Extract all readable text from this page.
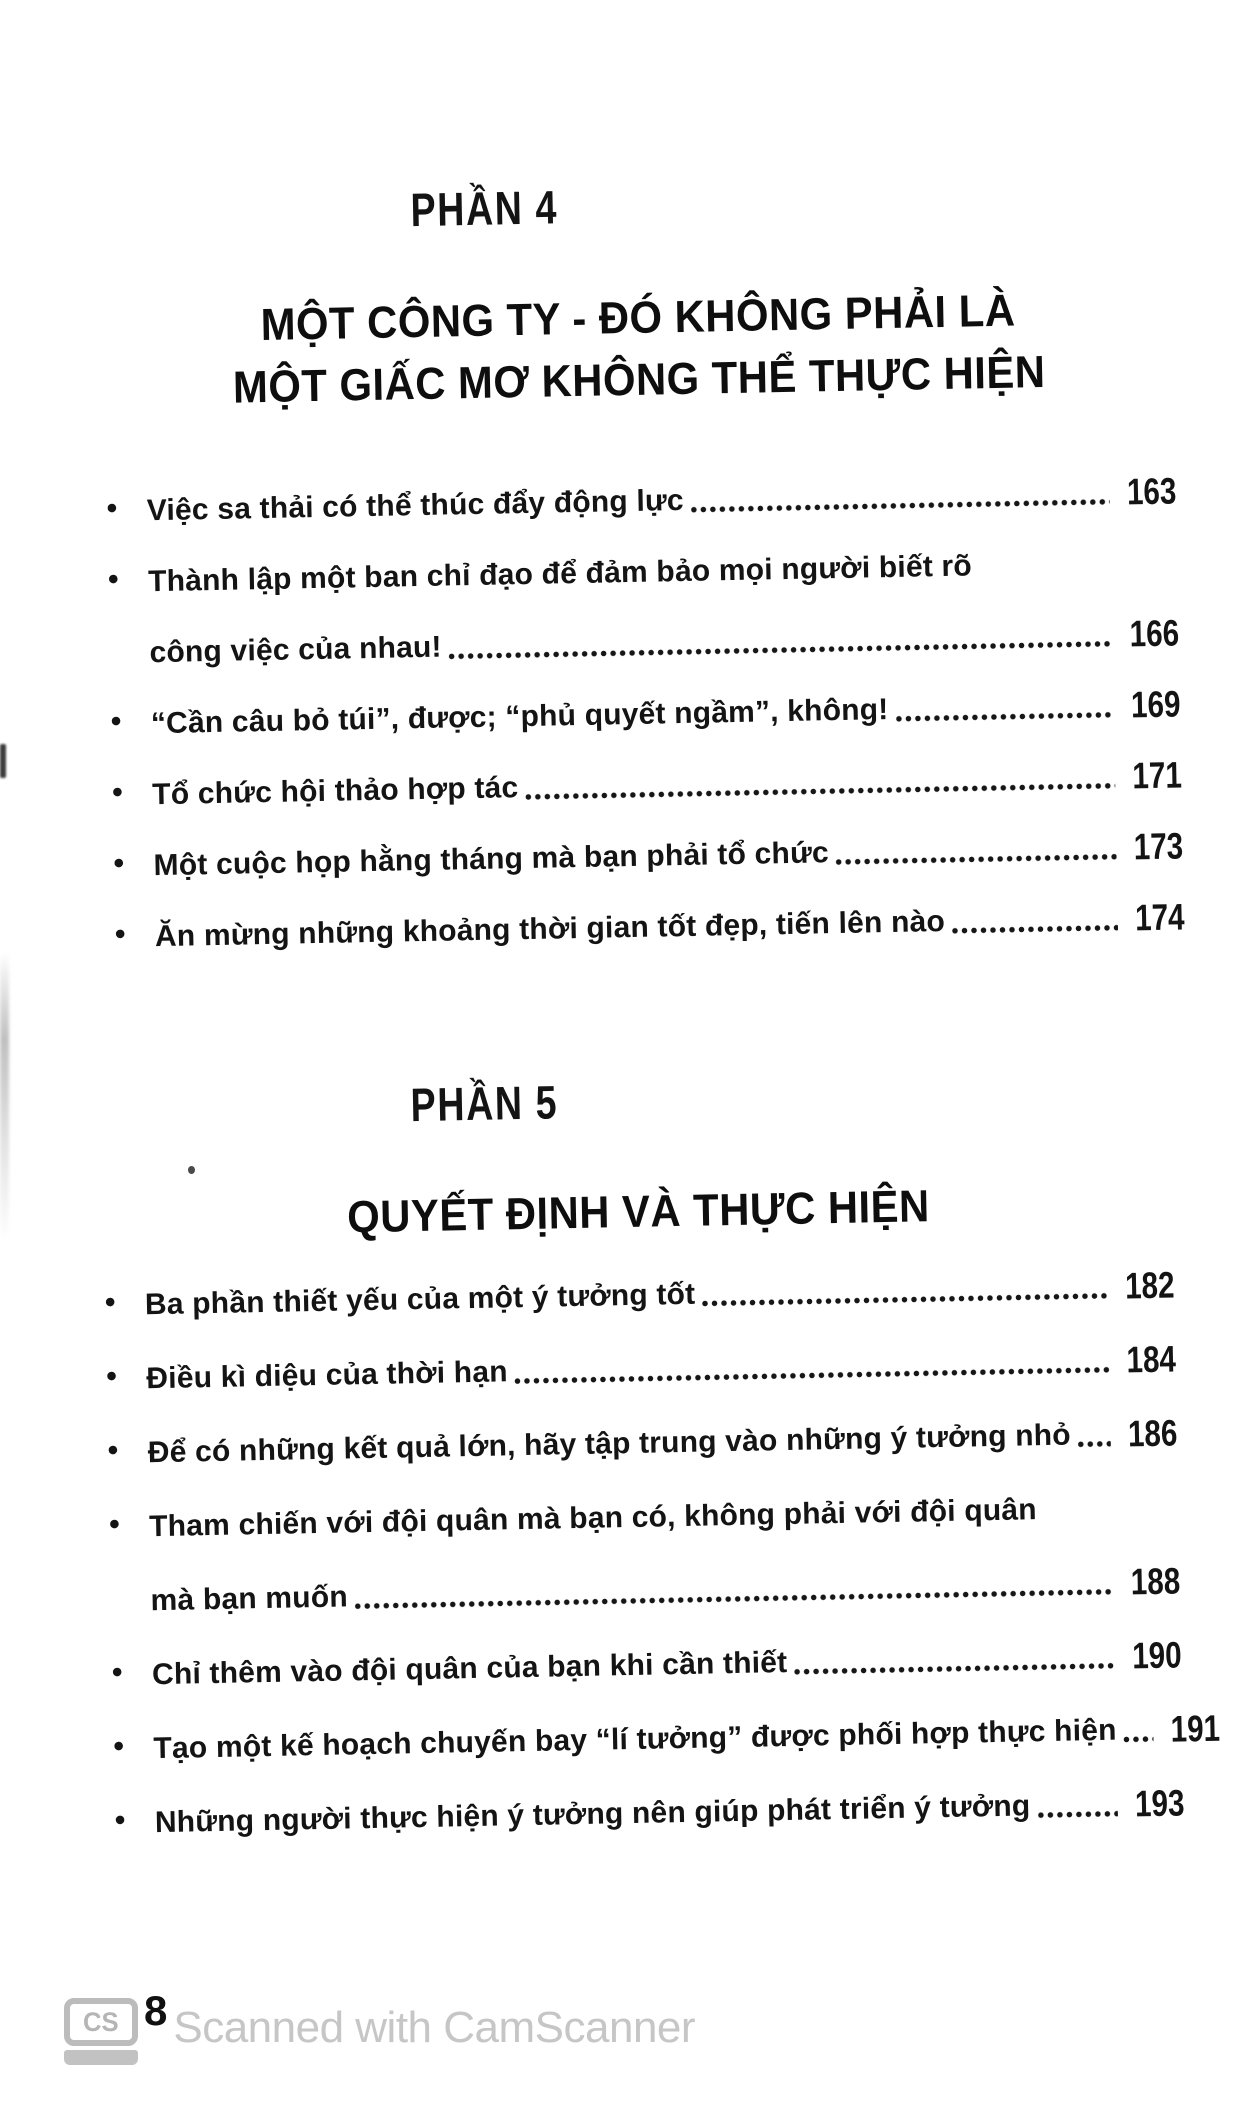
PHẦN 4
MỘT CÔNG TY - ĐÓ KHÔNG PHẢI LÀ
MỘT GIẤC MƠ KHÔNG THỂ THỰC HIỆN
• Việc sa thải có thể thúc đẩy động lực	163
• Thành lập một ban chỉ đạo để đảm bảo mọi người biết rõ
công việc của nhau!	166
• “Cần câu bỏ túi”, được; “phủ quyết ngầm”, không!	169
• Tổ chức hội thảo hợp tác	171
• Một cuộc họp hằng tháng mà bạn phải tổ chức	173
• Ăn mừng những khoảng thời gian tốt đẹp, tiến lên nào	174
PHẦN 5
QUYẾT ĐỊNH VÀ THỰC HIỆN
• Ba phần thiết yếu của một ý tưởng tốt	182
• Điều kì diệu của thời hạn	184
• Để có những kết quả lớn, hãy tập trung vào những ý tưởng nhỏ 186
• Tham chiến với đội quân mà bạn có, không phải với đội quân
mà bạn muốn	188
• Chỉ thêm vào đội quân của bạn khi cần thiết	190
• Tạo một kế hoạch chuyến bay “lí tưởng” được phối hợp thực hiện 191
• Những người thực hiện ý tưởng nên giúp phát triển ý tưởng	193
CS 8 Scanned with CamScanner
